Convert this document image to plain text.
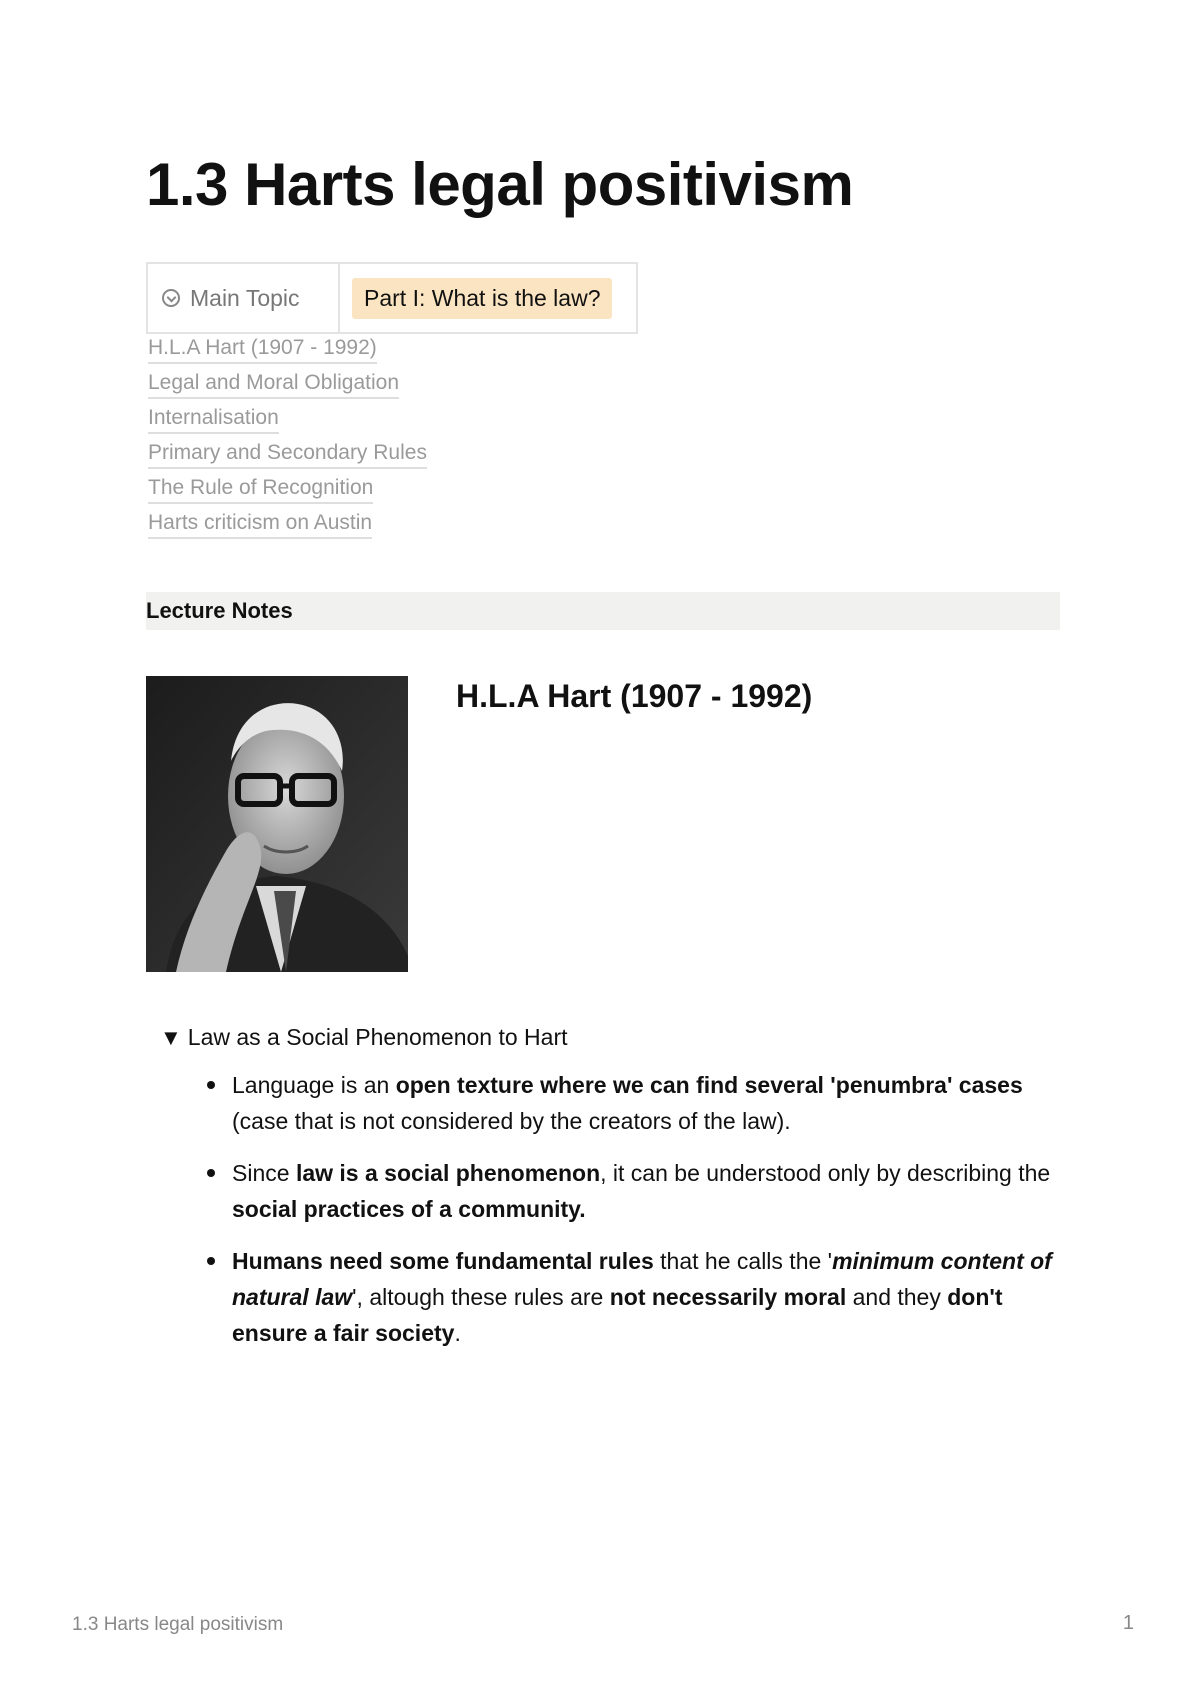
1.3 Harts legal positivism
Main Topic	Part I: What is the law?
H.L.A Hart (1907 - 1992)
Legal and Moral Obligation
Internalisation
Primary and Secondary Rules
The Rule of Recognition
Harts criticism on Austin
Lecture Notes
H.L.A Hart (1907 - 1992)
▼ Law as a Social Phenomenon to Hart
Language is an open texture where we can find several 'penumbra' cases (case that is not considered by the creators of the law).
Since law is a social phenomenon, it can be understood only by describing the social practices of a community.
Humans need some fundamental rules that he calls the 'minimum content of natural law', altough these rules are not necessarily moral and they don't ensure a fair society.
1.3 Harts legal positivism	1
